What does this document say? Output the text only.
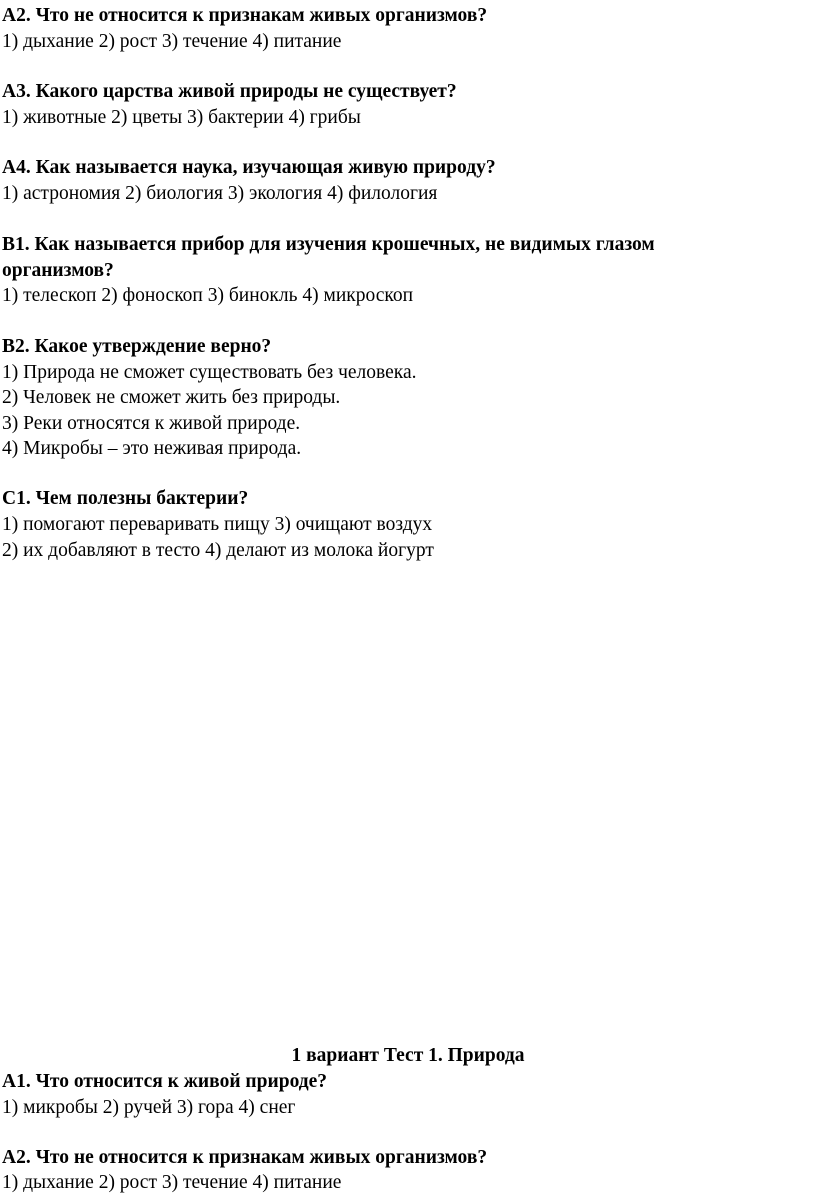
А2. Что не относится к признакам живых организмов?
1) дыхание 2) рост 3) течение 4) питание
А3. Какого царства живой природы не существует?
1) животные 2) цветы 3) бактерии 4) грибы
А4. Как называется наука, изучающая живую природу?
1) астрономия 2) биология 3) экология 4) филология
В1. Как называется прибор для изучения крошечных, не видимых глазом
организмов?
1) телескоп 2) фоноскоп 3) бинокль 4) микроскоп
В2. Какое утверждение верно?
1) Природа не сможет существовать без человека.
2) Человек не сможет жить без природы.
3) Реки относятся к живой природе.
4) Микробы – это неживая природа.
С1. Чем полезны бактерии?
1) помогают переваривать пищу 3) очищают воздух
2) их добавляют в тесто 4) делают из молока йогурт
1 вариант Тест 1. Природа
А1. Что относится к живой природе?
1) микробы 2) ручей 3) гора 4) снег
А2. Что не относится к признакам живых организмов?
1) дыхание 2) рост 3) течение 4) питание
